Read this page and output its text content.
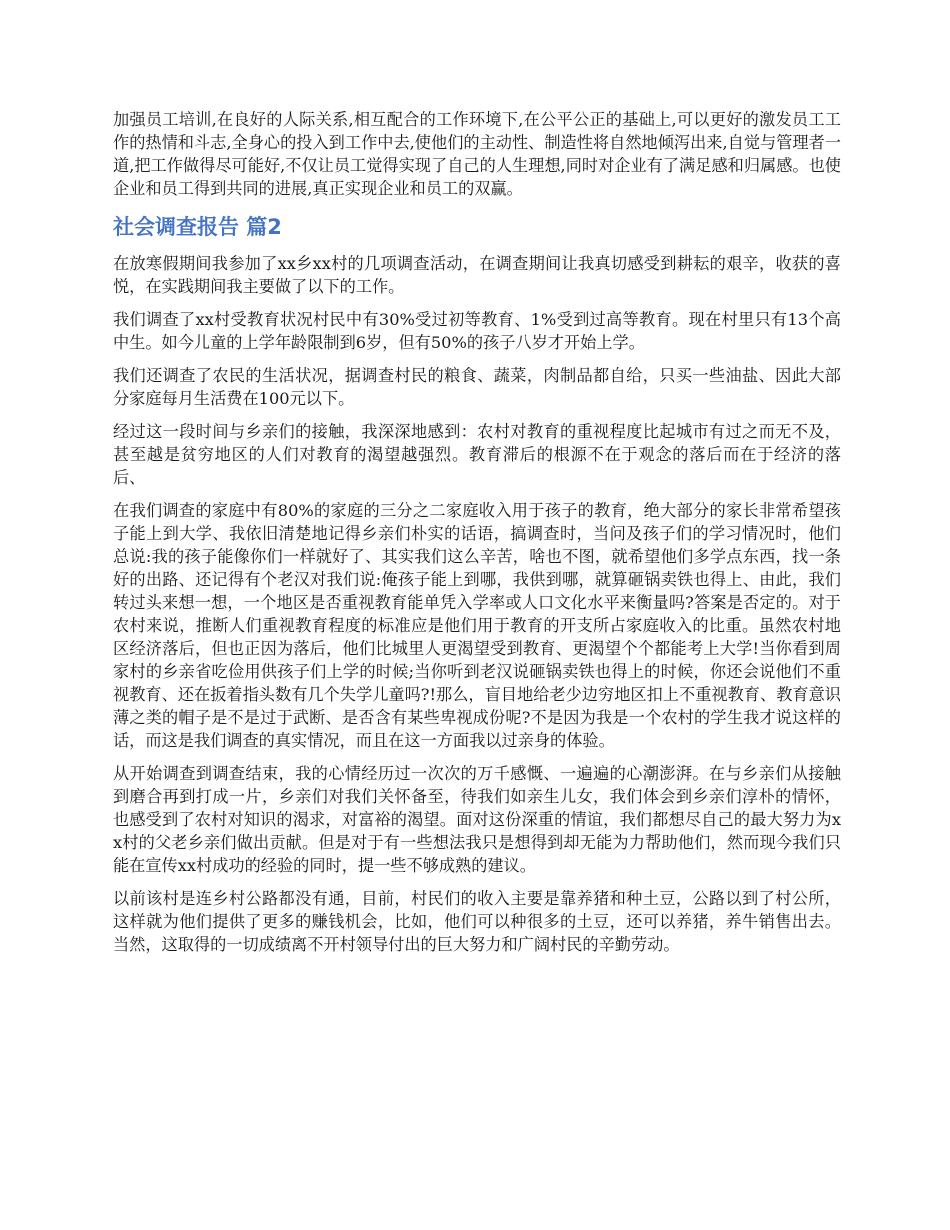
加强员工培训,在良好的人际关系,相互配合的工作环境下,在公平公正的基础上,可以更好的激发员工工作的热情和斗志,全身心的投入到工作中去,使他们的主动性、制造性将自然地倾泻出来,自觉与管理者一道,把工作做得尽可能好,不仅让员工觉得实现了自己的人生理想,同时对企业有了满足感和归属感。也使企业和员工得到共同的进展,真正实现企业和员工的双赢。

社会调查报告 篇2

在放寒假期间我参加了xx乡xx村的几项调查活动，在调查期间让我真切感受到耕耘的艰辛，收获的喜悦，在实践期间我主要做了以下的工作。

我们调查了xx村受教育状况村民中有30%受过初等教育、1%受到过高等教育。现在村里只有13个高中生。如今儿童的上学年龄限制到6岁，但有50%的孩子八岁才开始上学。

我们还调查了农民的生活状况，据调查村民的粮食、蔬菜，肉制品都自给，只买一些油盐、因此大部分家庭每月生活费在100元以下。

经过这一段时间与乡亲们的接触，我深深地感到：农村对教育的重视程度比起城市有过之而无不及，甚至越是贫穷地区的人们对教育的渴望越强烈。教育滞后的根源不在于观念的落后而在于经济的落后、

在我们调查的家庭中有80%的家庭的三分之二家庭收入用于孩子的教育，绝大部分的家长非常希望孩子能上到大学、我依旧清楚地记得乡亲们朴实的话语，搞调查时，当问及孩子们的学习情况时，他们总说:我的孩子能像你们一样就好了、其实我们这么辛苦，啥也不图，就希望他们多学点东西，找一条好的出路、还记得有个老汉对我们说:俺孩子能上到哪，我供到哪，就算砸锅卖铁也得上、由此，我们转过头来想一想，一个地区是否重视教育能单凭入学率或人口文化水平来衡量吗?答案是否定的。对于农村来说，推断人们重视教育程度的标准应是他们用于教育的开支所占家庭收入的比重。虽然农村地区经济落后，但也正因为落后，他们比城里人更渴望受到教育、更渴望个个都能考上大学!当你看到周家村的乡亲省吃俭用供孩子们上学的时候;当你听到老汉说砸锅卖铁也得上的时候，你还会说他们不重视教育、还在扳着指头数有几个失学儿童吗?!那么，盲目地给老少边穷地区扣上不重视教育、教育意识薄之类的帽子是不是过于武断、是否含有某些卑视成份呢?不是因为我是一个农村的学生我才说这样的话，而这是我们调查的真实情况，而且在这一方面我以过亲身的体验。

从开始调查到调查结束，我的心情经历过一次次的万千感慨、一遍遍的心潮澎湃。在与乡亲们从接触到磨合再到打成一片，乡亲们对我们关怀备至，待我们如亲生儿女，我们体会到乡亲们淳朴的情怀，也感受到了农村对知识的渴求，对富裕的渴望。面对这份深重的情谊，我们都想尽自己的最大努力为xx村的父老乡亲们做出贡献。但是对于有一些想法我只是想得到却无能为力帮助他们，然而现今我们只能在宣传xx村成功的经验的同时，提一些不够成熟的建议。

以前该村是连乡村公路都没有通，目前，村民们的收入主要是靠养猪和种土豆，公路以到了村公所，这样就为他们提供了更多的赚钱机会，比如，他们可以种很多的土豆，还可以养猪，养牛销售出去。当然，这取得的一切成绩离不开村领导付出的巨大努力和广阔村民的辛勤劳动。
